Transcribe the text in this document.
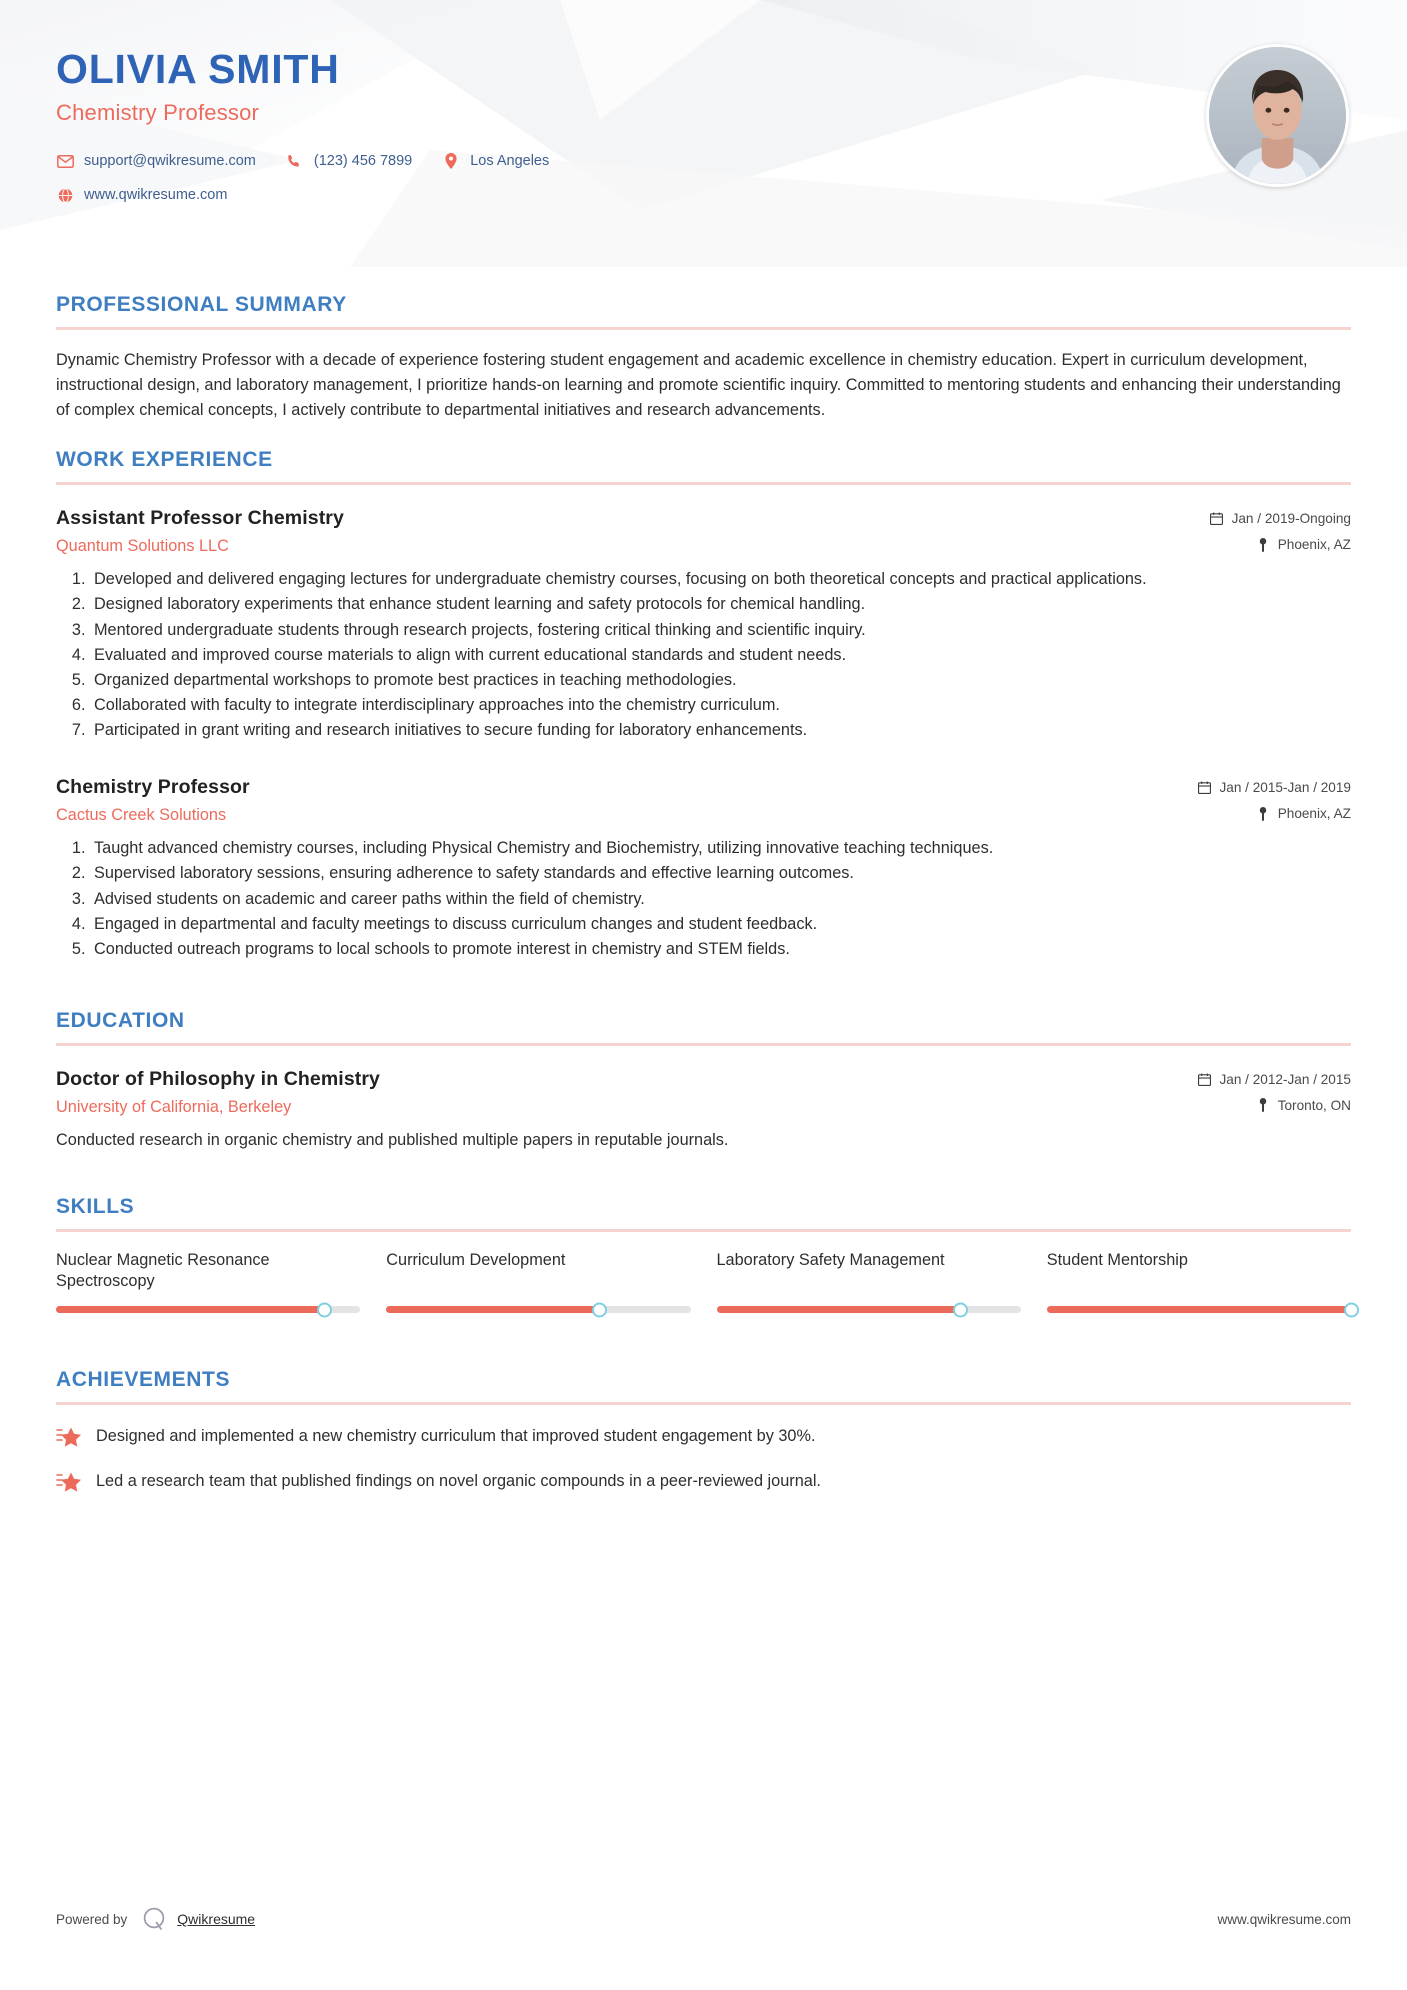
OLIVIA SMITH
Chemistry Professor
support@qwikresume.com	(123) 456 7899	Los Angeles
www.qwikresume.com
PROFESSIONAL SUMMARY

Dynamic Chemistry Professor with a decade of experience fostering student engagement and academic excellence in chemistry education. Expert in curriculum development, instructional design, and laboratory management, I prioritize hands-on learning and promote scientific inquiry. Committed to mentoring students and enhancing their understanding of complex chemical concepts, I actively contribute to departmental initiatives and research advancements.

WORK EXPERIENCE
Assistant Professor Chemistry
Quantum Solutions LLC
Jan / 2019-Ongoing
Phoenix, AZ
1. Developed and delivered engaging lectures for undergraduate chemistry courses, focusing on both theoretical concepts and practical applications.
2. Designed laboratory experiments that enhance student learning and safety protocols for chemical handling.
3. Mentored undergraduate students through research projects, fostering critical thinking and scientific inquiry.
4. Evaluated and improved course materials to align with current educational standards and student needs.
5. Organized departmental workshops to promote best practices in teaching methodologies.
6. Collaborated with faculty to integrate interdisciplinary approaches into the chemistry curriculum.
7. Participated in grant writing and research initiatives to secure funding for laboratory enhancements.
Chemistry Professor
Cactus Creek Solutions
Jan / 2015-Jan / 2019
Phoenix, AZ
1. Taught advanced chemistry courses, including Physical Chemistry and Biochemistry, utilizing innovative teaching techniques.
2. Supervised laboratory sessions, ensuring adherence to safety standards and effective learning outcomes.
3. Advised students on academic and career paths within the field of chemistry.
4. Engaged in departmental and faculty meetings to discuss curriculum changes and student feedback.
5. Conducted outreach programs to local schools to promote interest in chemistry and STEM fields.
EDUCATION
Doctor of Philosophy in Chemistry
University of California, Berkeley
Jan / 2012-Jan / 2015
Toronto, ON

Conducted research in organic chemistry and published multiple papers in reputable journals.

SKILLS
Nuclear Magnetic Resonance Spectroscopy
Curriculum Development	Laboratory Safety Management	Student Mentorship
ACHIEVEMENTS
Designed and implemented a new chemistry curriculum that improved student engagement by 30%.
Led a research team that published findings on novel organic compounds in a peer-reviewed journal.
Powered by	Qwikresume	www.qwikresume.com
